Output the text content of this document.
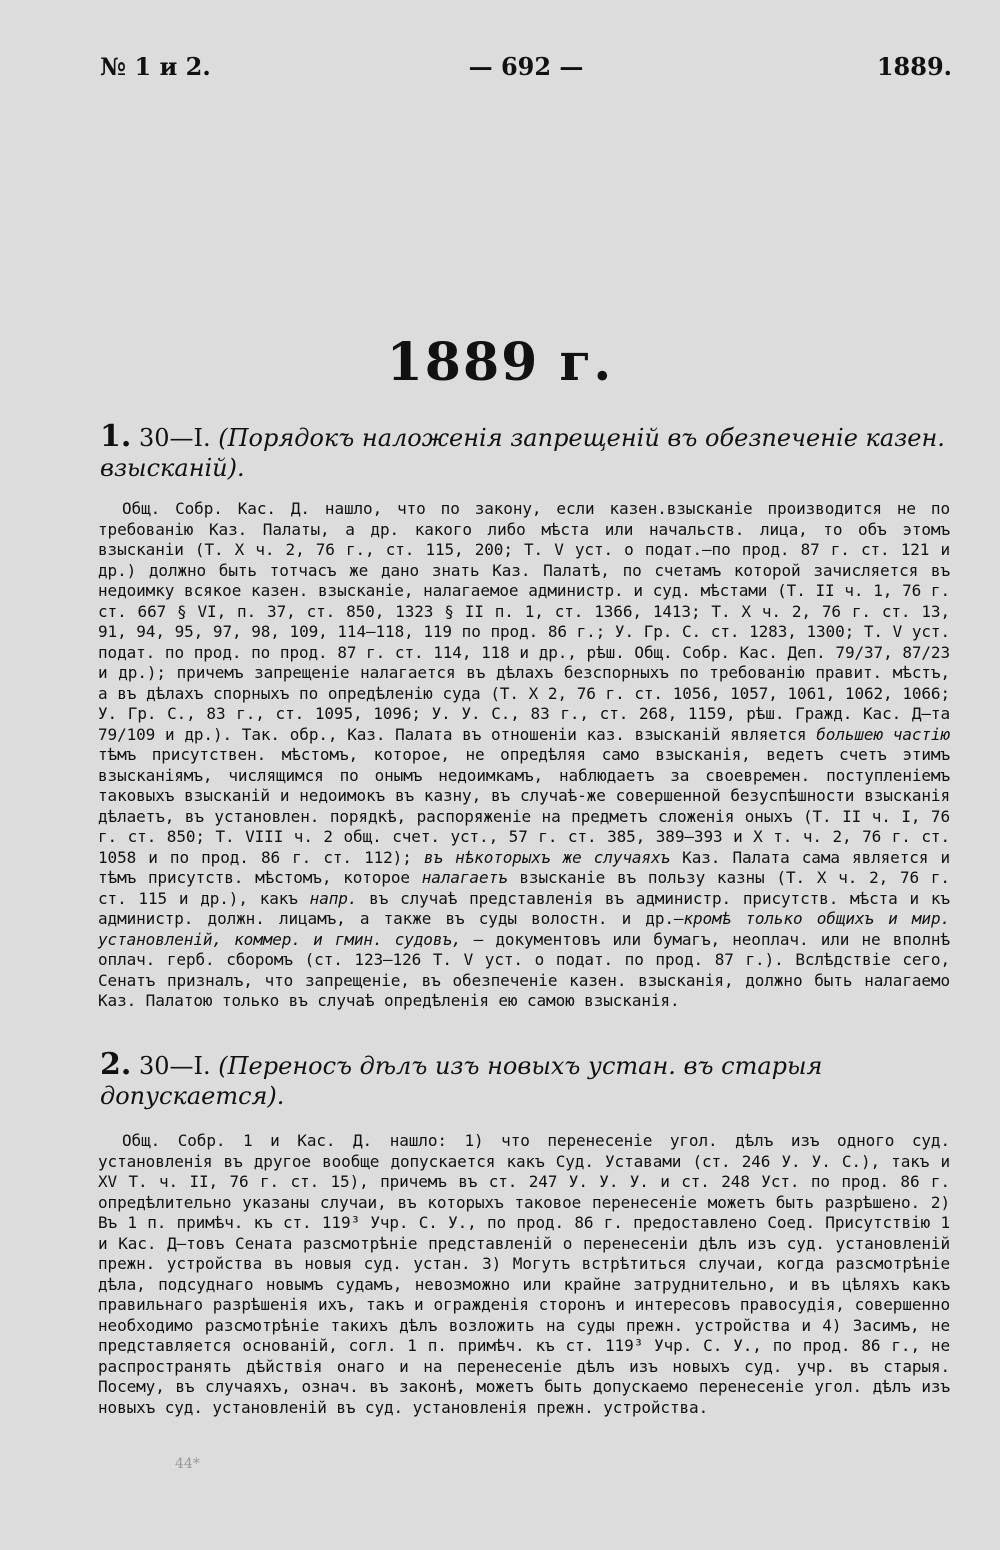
№ 1 и 2.	— 692 —	1889.
1889 г.
1. 30—I. (Порядокъ наложенія запрещеній въ обезпеченіе казен. взысканій).

Общ. Собр. Кас. Д. нашло, что по закону, если казен.взысканіе производится не по требованію Каз. Палаты, а др. какого либо мѣста или начальств. лица, то объ этомъ взысканіи (Т. X ч. 2, 76 г., ст. 115, 200; Т. V уст. о подат.—по прод. 87 г. ст. 121 и др.) должно быть тотчасъ же дано знать Каз. Палатѣ, по счетамъ которой зачисляется въ недоимку всякое казен. взысканіе, налагаемое администр. и суд. мѣстами (Т. II ч. 1, 76 г. ст. 667 § VI, п. 37, ст. 850, 1323 § II п. 1, ст. 1366, 1413; Т. X ч. 2, 76 г. ст. 13, 91, 94, 95, 97, 98, 109, 114—118, 119 по прод. 86 г.; У. Гр. С. ст. 1283, 1300; Т. V уст. подат. по прод. по прод. 87 г. ст. 114, 118 и др., рѣш. Общ. Собр. Кас. Деп. 79/37, 87/23 и др.); причемъ запрещеніе налагается въ дѣлахъ безспорныхъ по требованію правит. мѣстъ, а въ дѣлахъ спорныхъ по опредѣленію суда (Т. X 2, 76 г. ст. 1056, 1057, 1061, 1062, 1066; У. Гр. С., 83 г., ст. 1095, 1096; У. У. С., 83 г., ст. 268, 1159, рѣш. Гражд. Кас. Д—та 79/109 и др.). Так. обр., Каз. Палата въ отношеніи каз. взысканій является большею частію тѣмъ присутствен. мѣстомъ, которое, не опредѣляя само взысканія, ведетъ счетъ этимъ взысканіямъ, числящимся по онымъ недоимкамъ, наблюдаетъ за своевремен. поступленіемъ таковыхъ взысканій и недоимокъ въ казну, въ случаѣ-же совершенной безуспѣшности взысканія дѣлаетъ, въ установлен. порядкѣ, распоряженіе на предметъ сложенія оныхъ (Т. II ч. I, 76 г. ст. 850; Т. VIII ч. 2 общ. счет. уст., 57 г. ст. 385, 389—393 и X т. ч. 2, 76 г. ст. 1058 и по прод. 86 г. ст. 112); въ нѣкоторыхъ же случаяхъ Каз. Палата сама является и тѣмъ присутств. мѣстомъ, которое налагаетъ взысканіе въ пользу казны (Т. X ч. 2, 76 г. ст. 115 и др.), какъ напр. въ случаѣ представленія въ администр. присутств. мѣста и къ администр. должн. лицамъ, а также въ суды волостн. и др.—кромѣ только общихъ и мир. установленій, коммер. и гмин. судовъ, — документовъ или бумагъ, неоплач. или не вполнѣ оплач. герб. сборомъ (ст. 123—126 Т. V уст. о подат. по прод. 87 г.). Вслѣдствіе сего, Сенатъ призналъ, что запрещеніе, въ обезпеченіе казен. взысканія, должно быть налагаемо Каз. Палатою только въ случаѣ опредѣленія ею самою взысканія.

2. 30—I. (Переносъ дѣлъ изъ новыхъ устан. въ старыя допускается).

Общ. Собр. 1 и Кас. Д. нашло: 1) что перенесеніе угол. дѣлъ изъ одного суд. установленія въ другое вообще допускается какъ Суд. Уставами (ст. 246 У. У. С.), такъ и XV Т. ч. II, 76 г. ст. 15), причемъ въ ст. 247 У. У. У. и ст. 248 Уст. по прод. 86 г. опредѣлительно указаны случаи, въ которыхъ таковое перенесеніе можетъ быть разрѣшено. 2) Въ 1 п. примѣч. къ ст. 119³ Учр. С. У., по прод. 86 г. предоставлено Соед. Присутствію 1 и Кас. Д—товъ Сената разсмотрѣніе представленій о перенесеніи дѣлъ изъ суд. установленій прежн. устройства въ новыя суд. устан. 3) Могутъ встрѣтиться случаи, когда разсмотрѣніе дѣла, подсуднаго новымъ судамъ, невозможно или крайне затруднительно, и въ цѣляхъ какъ правильнаго разрѣшенія ихъ, такъ и огражденія сторонъ и интересовъ правосудія, совершенно необходимо разсмотрѣніе такихъ дѣлъ возложить на суды прежн. устройства и 4) Засимъ, не представляется основаній, согл. 1 п. примѣч. къ ст. 119³ Учр. С. У., по прод. 86 г., не распространять дѣйствія онаго и на перенесеніе дѣлъ изъ новыхъ суд. учр. въ старыя. Посему, въ случаяхъ, означ. въ законѣ, можетъ быть допускаемо перенесеніе угол. дѣлъ изъ новыхъ суд. установленій въ суд. установленія прежн. устройства.

44*
